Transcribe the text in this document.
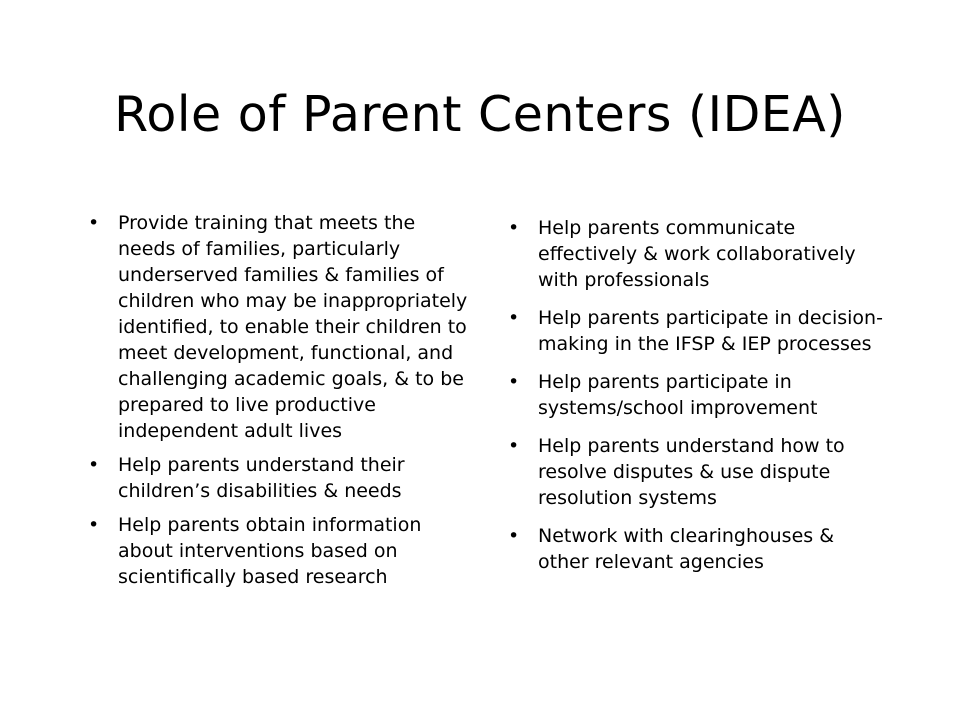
Role of Parent Centers (IDEA)
• Provide training that meets the needs of families, particularly underserved families & families of children who may be inappropriately identified, to enable their children to meet development, functional, and challenging academic goals, & to be prepared to live productive independent adult lives
• Help parents understand their children’s disabilities & needs
• Help parents obtain information about interventions based on scientifically based research
• Help parents communicate effectively & work collaboratively with professionals
• Help parents participate in decision-making in the IFSP & IEP processes
• Help parents participate in systems/school improvement
• Help parents understand how to resolve disputes & use dispute resolution systems
• Network with clearinghouses & other relevant agencies
